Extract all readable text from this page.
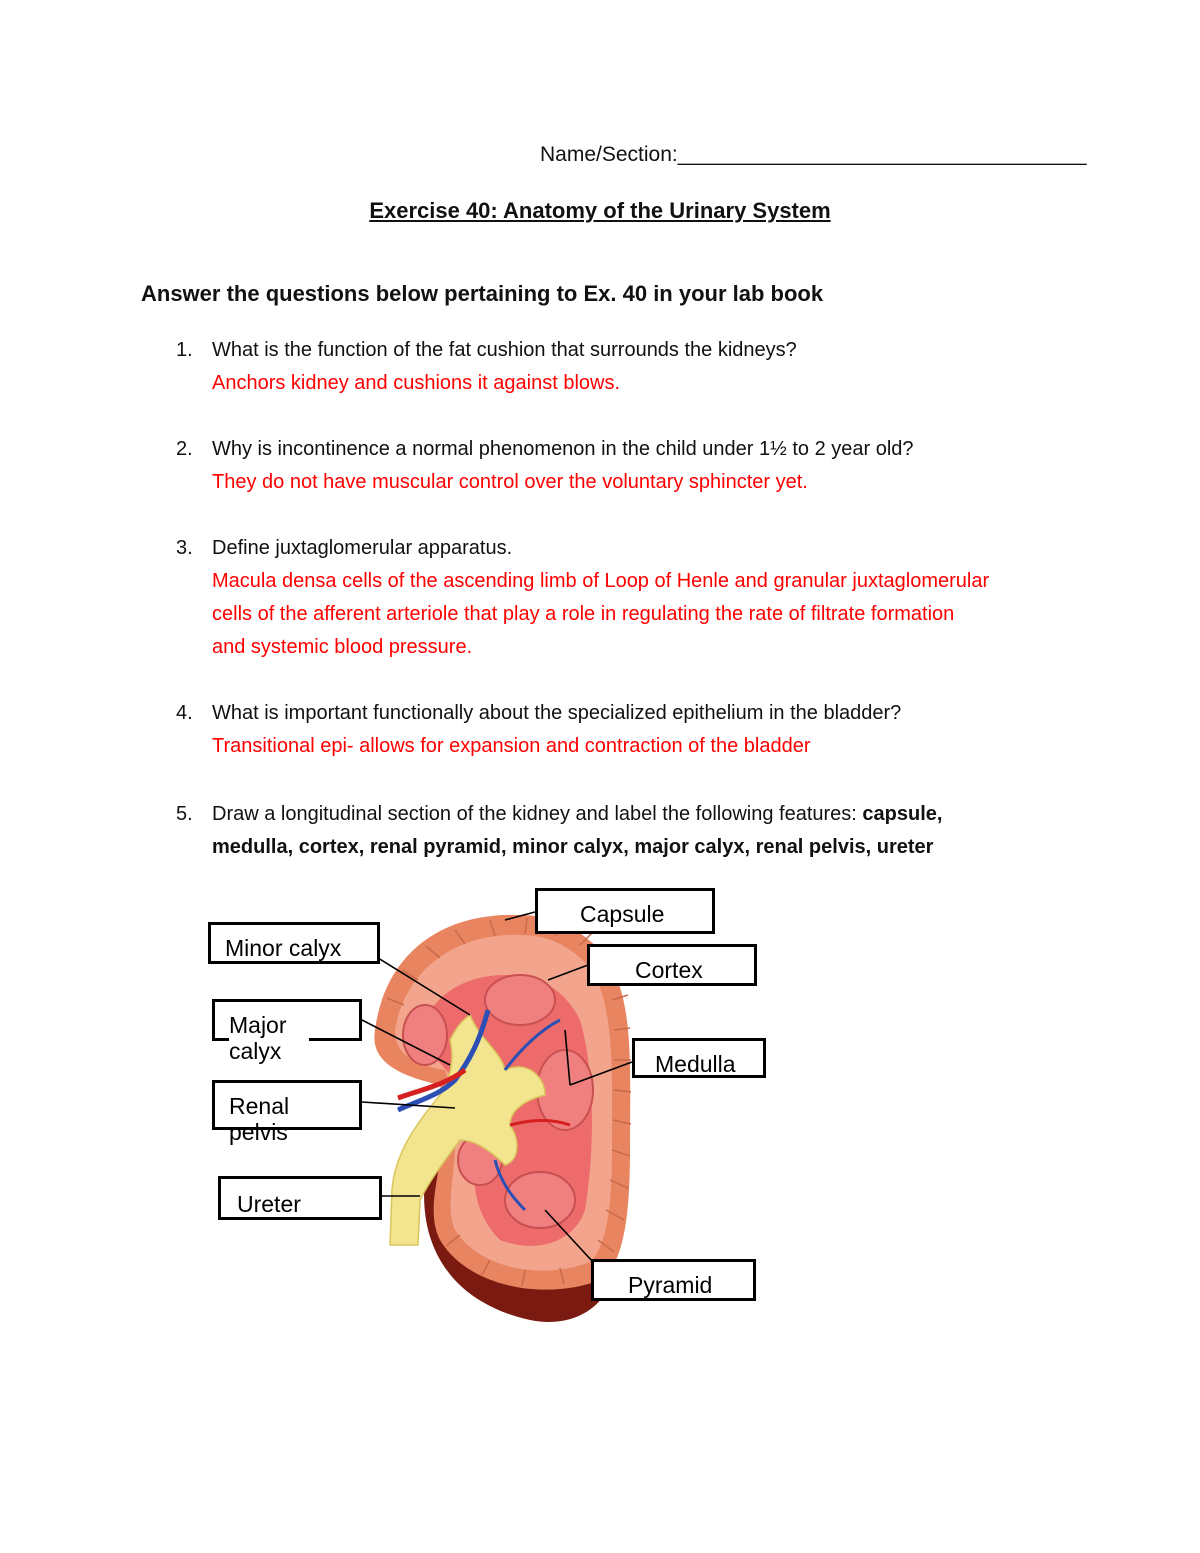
Name/Section:___________________________________
Exercise 40: Anatomy of the Urinary System
Answer the questions below pertaining to Ex. 40 in your lab book
1. What is the function of the fat cushion that surrounds the kidneys?
Anchors kidney and cushions it against blows.
2. Why is incontinence a normal phenomenon in the child under 1½ to 2 year old?
They do not have muscular control over the voluntary sphincter yet.
3. Define juxtaglomerular apparatus.
Macula densa cells of the ascending limb of Loop of Henle and granular juxtaglomerular
cells of the afferent arteriole that play a role in regulating the rate of filtrate formation
and systemic blood pressure.
4. What is important functionally about the specialized epithelium in the bladder?
Transitional epi- allows for expansion and contraction of the bladder
5. Draw a longitudinal section of the kidney and label the following features: capsule,
medulla, cortex, renal pyramid, minor calyx, major calyx, renal pelvis, ureter
Capsule
Cortex
Minor calyx
Major
calyx
Renal
pelvis
Medulla
Ureter
Pyramid
